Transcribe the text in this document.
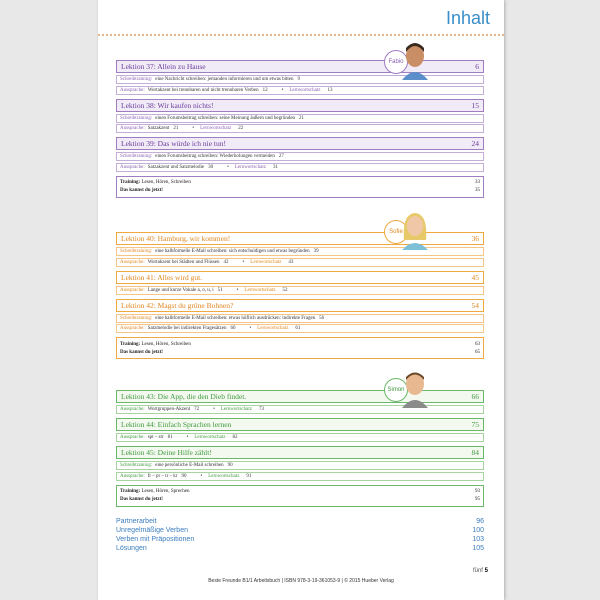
Inhalt
Lektion 37: Allein zu Hause	6
Schreibtraining: eine Nachricht schreiben: jemanden informieren und um etwas bitten 9
Aussprache: Wortakzent bei trennbaren und nicht trennbaren Verben 12	• Lernwortschatz 13
Lektion 38: Wir kaufen nichts!	15
Schreibtraining: einen Forumsbeitrag schreiben: seine Meinung äußern und begründen 21
Aussprache: Satzakzent 21	• Lernwortschatz 22
Lektion 39: Das würde ich nie tun!	24
Schreibtraining: einen Forumsbeitrag schreiben: Wiederholungen vermeiden 27
Aussprache: Satzakzent und Satzmelodie 30	• Lernwortschatz 31
Training: Lesen, Hören, Schreiben	33
Das kannst du jetzt!	35
Fabio
Lektion 40: Hamburg, wir kommen!	36
Schreibtraining: eine halbformelle E-Mail schreiben: sich entschuldigen und etwas begründen 39
Aussprache: Wortakzent bei Städten und Flüssen 42	• Lernwortschatz 43
Lektion 41: Alles wird gut.	45
Aussprache: Lange und kurze Vokale a, o, u, i 51	• Lernwortschatz 52
Lektion 42: Magst du grüne Bohnen?	54
Schreibtraining: eine halbformelle E-Mail schreiben: etwas höflich ausdrücken: indirekte Fragen 56
Aussprache: Satzmelodie bei indirekten Fragesätzen 60	• Lernwortschatz 61
Training: Lesen, Hören, Schreiben	63
Das kannst du jetzt!	65
Sofie
Lektion 43: Die App, die den Dieb findet.	66
Aussprache: Wortgruppen-Akzent 72	• Lernwortschatz 73
Lektion 44: Einfach Sprachen lernen	75
Aussprache: spt – str 81	• Lernwortschatz 82
Lektion 45: Deine Hilfe zählt!	84
Schreibtraining: eine persönliche E-Mail schreiben 90
Aussprache: fr – pr – tr – kr 90	• Lernwortschatz 91
Training: Lesen, Hören, Sprechen	93
Das kannst du jetzt!	95
Simon
Partnerarbeit	96
Unregelmäßige Verben	100
Verben mit Präpositionen	103
Lösungen	105
fünf 5
Beste Freunde B1/1 Arbeitsbuch | ISBN 978-3-19-361053-9 | © 2015 Hueber Verlag
